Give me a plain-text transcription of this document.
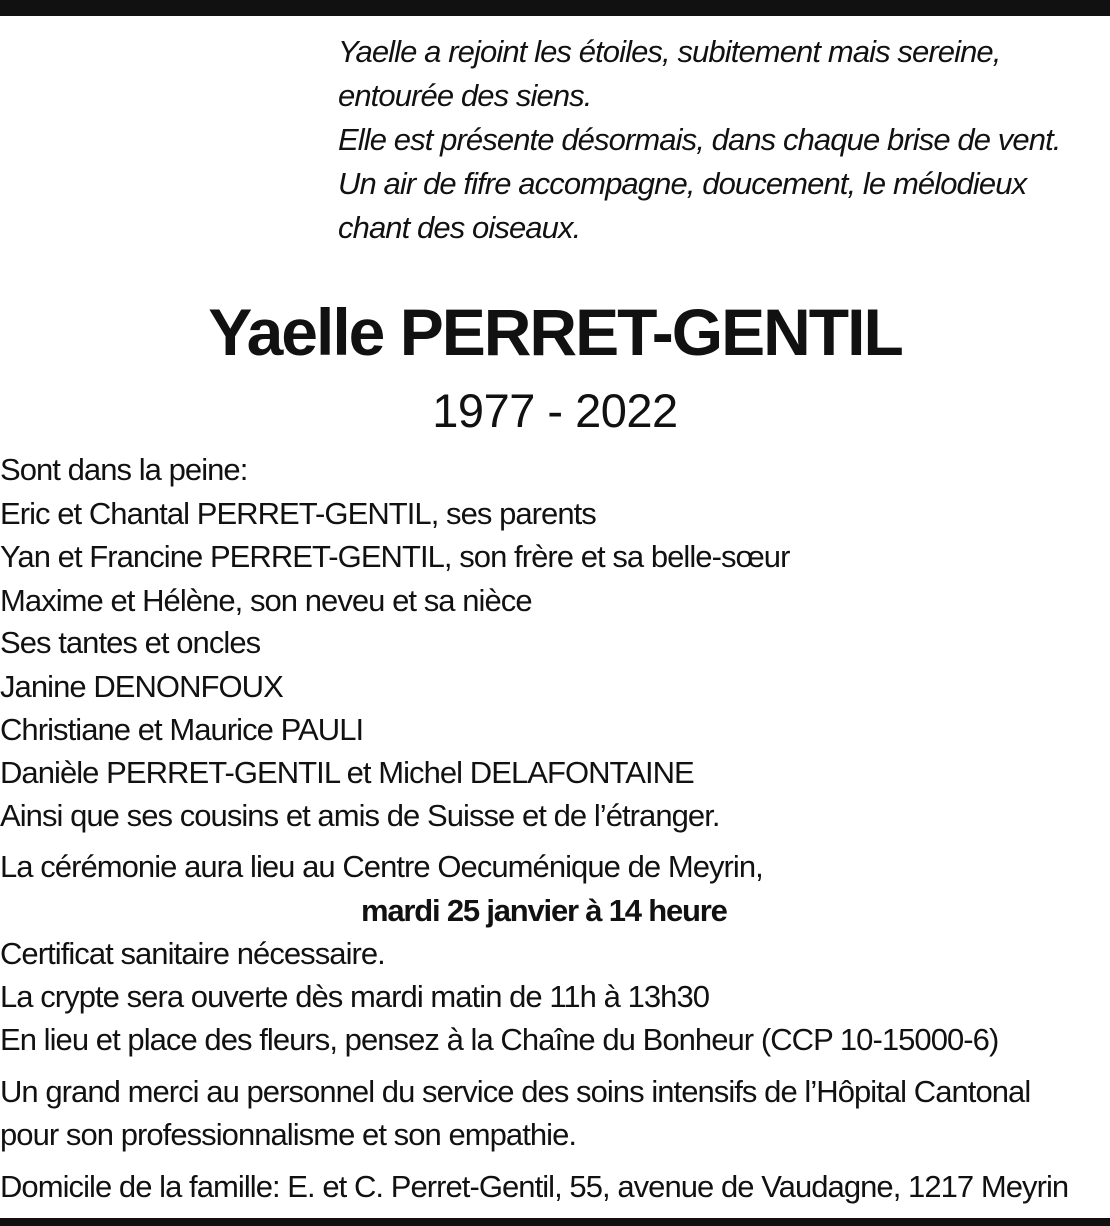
Yaelle a rejoint les étoiles, subitement mais sereine,
entourée des siens.
Elle est présente désormais, dans chaque brise de vent.
Un air de fifre accompagne, doucement, le mélodieux
chant des oiseaux.
Yaelle PERRET-GENTIL
1977 - 2022
Sont dans la peine:
Eric et Chantal PERRET-GENTIL, ses parents
Yan et Francine PERRET-GENTIL, son frère et sa belle-sœur
Maxime et Hélène, son neveu et sa nièce
Ses tantes et oncles
Janine DENONFOUX
Christiane et Maurice PAULI
Danièle PERRET-GENTIL et Michel DELAFONTAINE
Ainsi que ses cousins et amis de Suisse et de l’étranger.
La cérémonie aura lieu au Centre Oecuménique de Meyrin,
mardi 25 janvier à 14 heure
Certificat sanitaire nécessaire.
La crypte sera ouverte dès mardi matin de 11h à 13h30
En lieu et place des fleurs, pensez à la Chaîne du Bonheur (CCP 10-15000-6)
Un grand merci au personnel du service des soins intensifs de l’Hôpital Cantonal
pour son professionnalisme et son empathie.
Domicile de la famille: E. et C. Perret-Gentil, 55, avenue de Vaudagne, 1217 Meyrin
